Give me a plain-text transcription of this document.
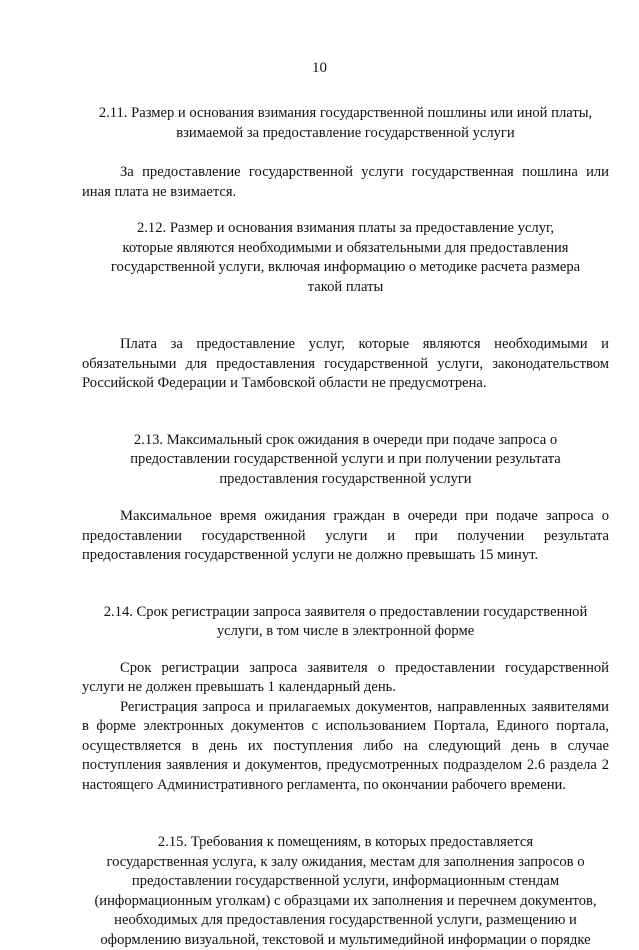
10
2.11. Размер и основания взимания государственной пошлины или иной платы,
взимаемой за предоставление государственной услуги

За предоставление государственной услуги государственная пошлина или иная плата не взимается.

2.12. Размер и основания взимания платы за предоставление услуг,
которые являются необходимыми и обязательными для предоставления
государственной услуги, включая информацию о методике расчета размера
такой платы

Плата за предоставление услуг, которые являются необходимыми и обязательными для предоставления государственной услуги, законодательством Российской Федерации и Тамбовской области не предусмотрена.

2.13. Максимальный срок ожидания в очереди при подаче запроса о
предоставлении государственной услуги и при получении результата
предоставления государственной услуги

Максимальное время ожидания граждан в очереди при подаче запроса о предоставлении государственной услуги и при получении результата предоставления государственной услуги не должно превышать 15 минут.

2.14. Срок регистрации запроса заявителя о предоставлении государственной
услуги, в том числе в электронной форме

Срок регистрации запроса заявителя о предоставлении государственной услуги не должен превышать 1 календарный день.

Регистрация запроса и прилагаемых документов, направленных заявителями в форме электронных документов с использованием Портала, Единого портала, осуществляется в день их поступления либо на следующий день в случае поступления заявления и документов, предусмотренных подразделом 2.6 раздела 2 настоящего Административного регламента, по окончании рабочего времени.

2.15. Требования к помещениям, в которых предоставляется
государственная услуга, к залу ожидания, местам для заполнения запросов о
предоставлении государственной услуги, информационным стендам
(информационным уголкам) с образцами их заполнения и перечнем документов,
необходимых для предоставления государственной услуги, размещению и
оформлению визуальной, текстовой и мультимедийной информации о порядке
